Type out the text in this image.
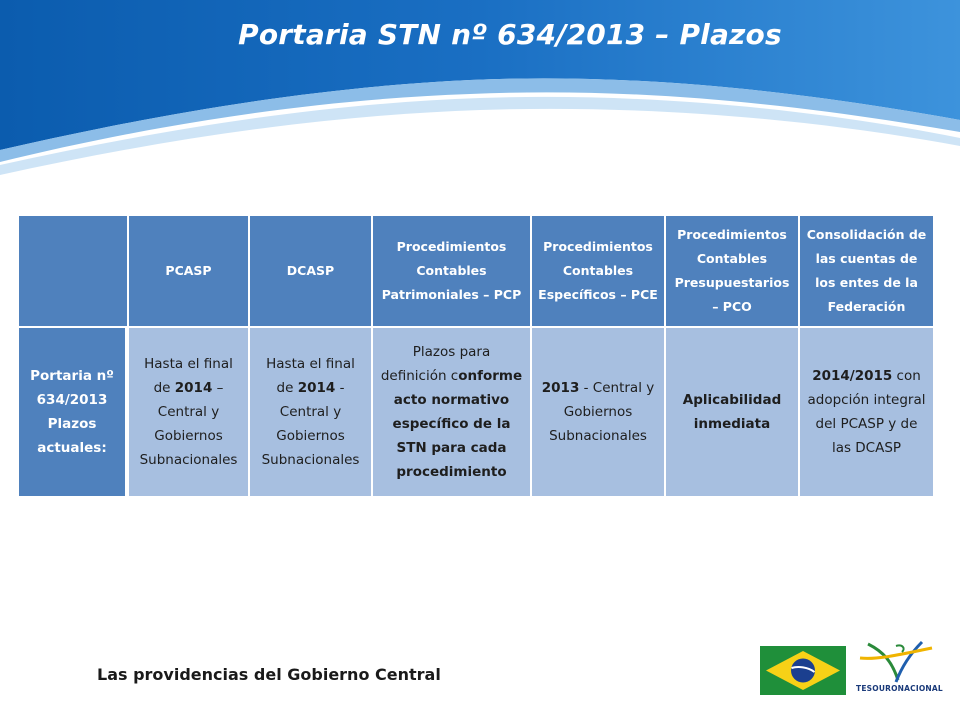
Portaria STN nº 634/2013 – Plazos
PCASP	DCASP
Procedimientos Contables Patrimoniales – PCP
Procedimientos Contables Específicos – PCE
Procedimientos Contables Presupuestarios – PCO
Consolidación de las cuentas de los entes de la Federación
Portaria nº 634/2013 Plazos actuales:
Hasta el final de 2014 – Central y Gobiernos Subnacionales
Hasta el final de 2014 - Central y Gobiernos Subnacionales
Plazos para definición conforme acto normativo específico de la STN para cada procedimiento
2013 - Central y Gobiernos Subnacionales
Aplicabilidad inmediata
2014/2015 con adopción integral del PCASP y de las DCASP
Las providencias del Gobierno Central
TESOURONACIONAL
